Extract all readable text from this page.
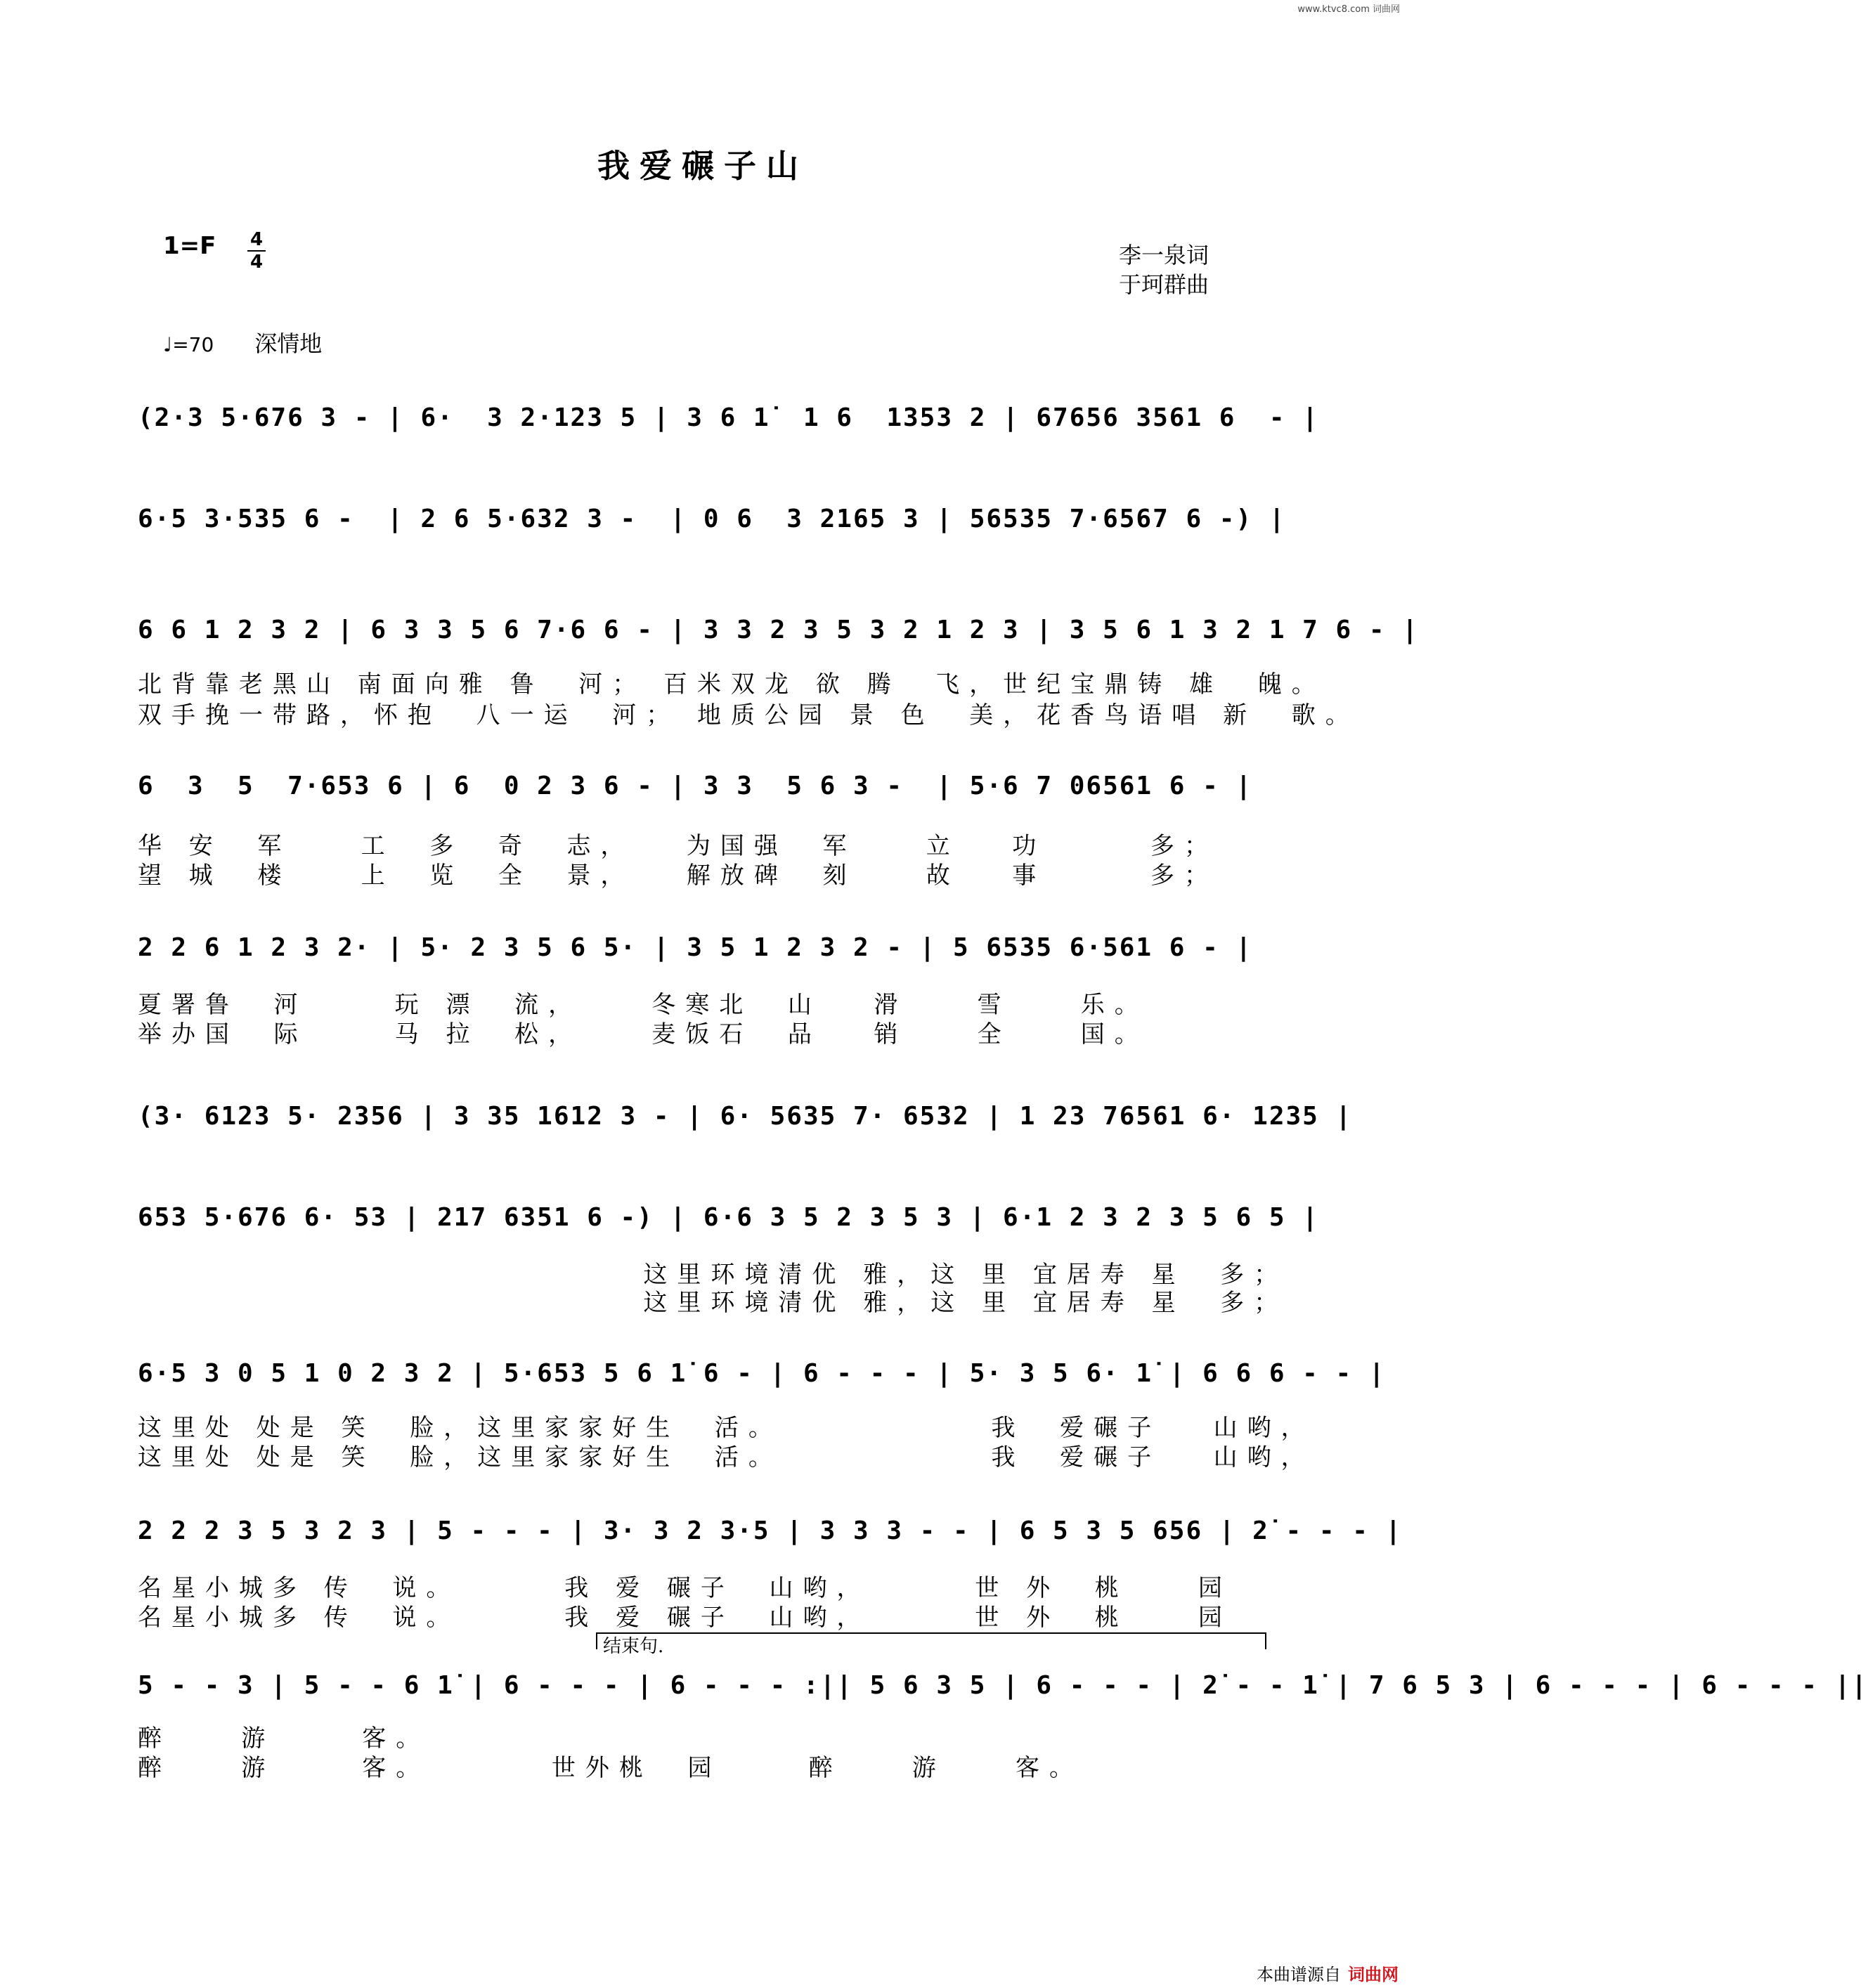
www.ktvc8.com 词曲网
我爱碾子山
1=F 4
4	李一泉词
于珂群曲
♩=70 深情地
(2·3 5·676 3 - | 6·  3 2·123 5 | 3 6 1̇  1 6  1353 2 | 67656 3561 6  - |
6·5 3·535 6 -  | 2 6 5·632 3 -  | 0 6  3 2165 3 | 56535 7·6567 6 -) |
6 6 1 2 3 2 | 6 3 3 5 6 7·6 6 - | 3 3 2 3 5 3 2 1 2 3 | 3 5 6 1 3 2 1 7 6 - |
北背靠老黑山 南面向雅 鲁  河； 百米双龙 欲 腾  飞，世纪宝鼎铸 雄  魄。
双手挽一带路，怀抱  八一运  河； 地质公园 景 色  美，花香鸟语唱 新  歌。
6  3  5  7·653 6 | 6  0 2 3 6 - | 3 3  5 6 3 -  | 5·6 7 06561 6 - |
华 安  军    工  多  奇  志，   为国强  军    立   功      多；
望 城  楼    上  览  全  景，   解放碑  刻    故   事      多；
2 2 6 1 2 3 2· | 5· 2 3 5 6 5· | 3 5 1 2 3 2 - | 5 6535 6·561 6 - |
夏署鲁  河     玩 漂  流，    冬寒北  山   滑    雪    乐。
举办国  际     马 拉  松，    麦饭石  品   销    全    国。
(3· 6123 5· 2356 | 3 35 1612 3 - | 6· 5635 7· 6532 | 1 23 76561 6· 1235 |
653 5·676 6· 53 | 217 6351 6 -) | 6·6 3 5 2 3 5 3 | 6·1 2 3 2 3 5 6 5 |
这里环境清优 雅，这 里 宜居寿 星  多；
这里环境清优 雅，这 里 宜居寿 星  多；
6·5 3 0 5 1 0 2 3 2 | 5·653 5 6 1̇ 6 - | 6 - - - | 5· 3 5 6· 1̇ | 6 6 6 - - |
这里处 处是 笑  脸，这里家家好生  活。            我  爱碾子   山哟，
这里处 处是 笑  脸，这里家家好生  活。            我  爱碾子   山哟，
2 2 2 3 5 3 2 3 | 5 - - - | 3· 3 2 3·5 | 3 3 3 - - | 6 5 3 5 656 | 2̇ - - - |
名星小城多 传  说。      我 爱 碾子  山哟，      世 外  桃    园
名星小城多 传  说。      我 爱 碾子  山哟，      世 外  桃    园
结束句.
5 - - 3 | 5 - - 6 1̇ | 6 - - - | 6 - - - :|| 5 6 3 5 | 6 - - - | 2̇ - - 1̇ | 7 6 5 3 | 6 - - - | 6 - - - ||
醉    游     客。
醉    游     客。       世外桃  园     醉    游    客。
本曲谱源自 词曲网
